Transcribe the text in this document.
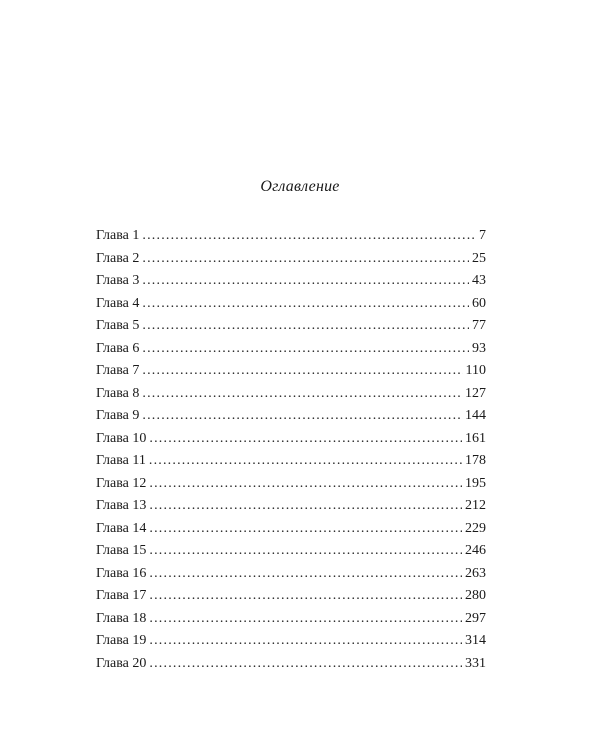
Оглавление
Глава 1 .....	7
Глава 2 .....	25
Глава 3 .....	43
Глава 4 .....	60
Глава 5 .....	77
Глава 6 .....	93
Глава 7 .....	110
Глава 8 .....	127
Глава 9 .....	144
Глава 10 .....	161
Глава 11 .....	178
Глава 12 .....	195
Глава 13 .....	212
Глава 14 .....	229
Глава 15 .....	246
Глава 16 .....	263
Глава 17 .....	280
Глава 18 .....	297
Глава 19 .....	314
Глава 20 .....	331
